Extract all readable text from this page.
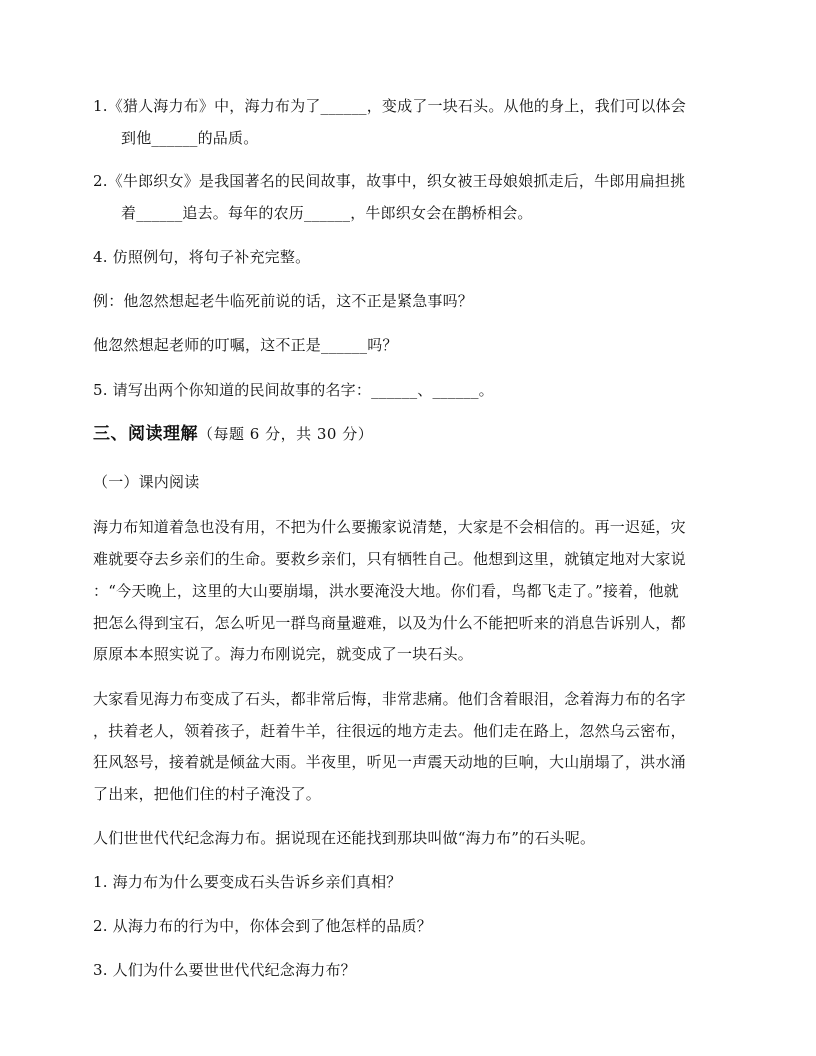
1.《猎人海力布》中，海力布为了______，变成了一块石头。从他的身上，我们可以体会
到他______的品质。
2.《牛郎织女》是我国著名的民间故事，故事中，织女被王母娘娘抓走后，牛郎用扁担挑
着______追去。每年的农历______，牛郎织女会在鹊桥相会。
4. 仿照例句，将句子补充完整。
例：他忽然想起老牛临死前说的话，这不正是紧急事吗？
他忽然想起老师的叮嘱，这不正是______吗？
5. 请写出两个你知道的民间故事的名字：______、______。
三、阅读理解（每题 6 分，共 30 分）
（一）课内阅读
海力布知道着急也没有用，不把为什么要搬家说清楚，大家是不会相信的。再一迟延，灾
难就要夺去乡亲们的生命。要救乡亲们，只有牺牲自己。他想到这里，就镇定地对大家说
：“今天晚上，这里的大山要崩塌，洪水要淹没大地。你们看，鸟都飞走了。”接着，他就
把怎么得到宝石，怎么听见一群鸟商量避难，以及为什么不能把听来的消息告诉别人，都
原原本本照实说了。海力布刚说完，就变成了一块石头。
大家看见海力布变成了石头，都非常后悔，非常悲痛。他们含着眼泪，念着海力布的名字
，扶着老人，领着孩子，赶着牛羊，往很远的地方走去。他们走在路上，忽然乌云密布，
狂风怒号，接着就是倾盆大雨。半夜里，听见一声震天动地的巨响，大山崩塌了，洪水涌
了出来，把他们住的村子淹没了。
人们世世代代纪念海力布。据说现在还能找到那块叫做“海力布”的石头呢。
1. 海力布为什么要变成石头告诉乡亲们真相？
2. 从海力布的行为中，你体会到了他怎样的品质？
3. 人们为什么要世世代代纪念海力布？
